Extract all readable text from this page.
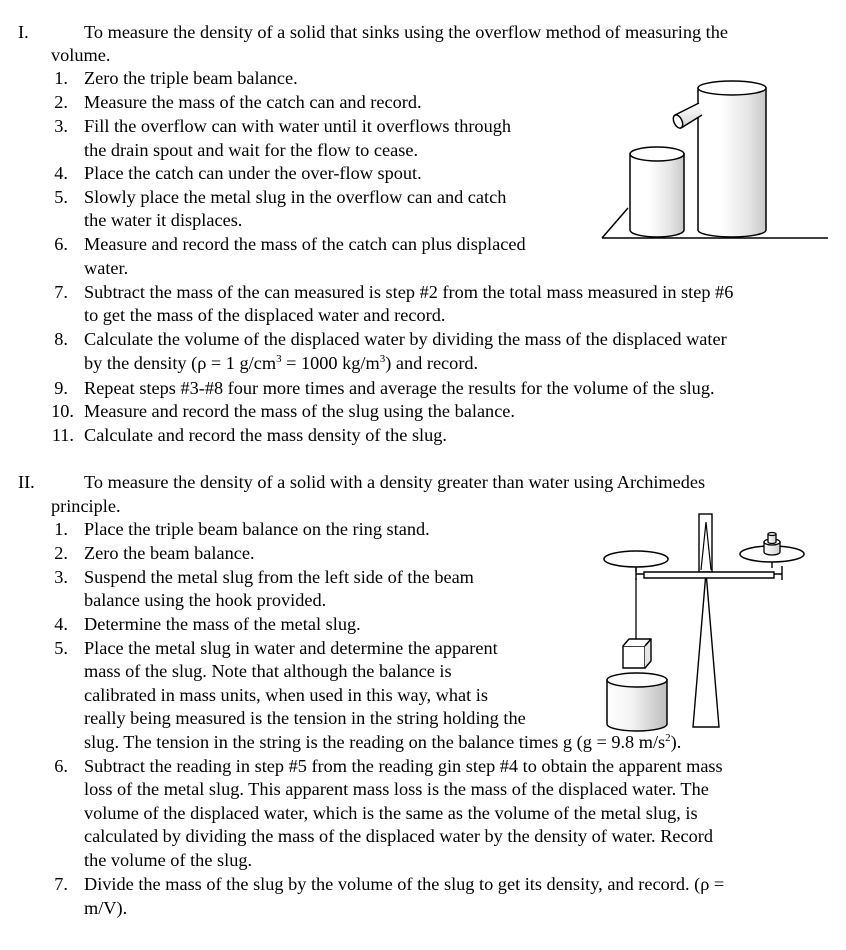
I.	To measure the density of a solid that sinks using the overflow method of measuring the
volume.
1. Zero the triple beam balance.
2. Measure the mass of the catch can and record.
3. Fill the overflow can with water until it overflows through
the drain spout and wait for the flow to cease.
4. Place the catch can under the over-flow spout.
5. Slowly place the metal slug in the overflow can and catch
the water it displaces.
6. Measure and record the mass of the catch can plus displaced
water.
7. Subtract the mass of the can measured is step #2 from the total mass measured in step #6
to get the mass of the displaced water and record.
8. Calculate the volume of the displaced water by dividing the mass of the displaced water
by the density (ρ = 1 $g/cm^3 = 1000$ $kg/m^3$) and record.
9. Repeat steps #3-#8 four more times and average the results for the volume of the slug.
10. Measure and record the mass of the slug using the balance.
11. Calculate and record the mass density of the slug.
II.	To measure the density of a solid with a density greater than water using Archimedes
principle.
1. Place the triple beam balance on the ring stand.
2. Zero the beam balance.
3. Suspend the metal slug from the left side of the beam
balance using the hook provided.
4. Determine the mass of the metal slug.
5. Place the metal slug in water and determine the apparent
mass of the slug. Note that although the balance is
calibrated in mass units, when used in this way, what is
really being measured is the tension in the string holding the
slug. The tension in the string is the reading on the balance times g (g = 9.8 $m/s^2$).
6. Subtract the reading in step #5 from the reading gin step #4 to obtain the apparent mass
loss of the metal slug. This apparent mass loss is the mass of the displaced water. The
volume of the displaced water, which is the same as the volume of the metal slug, is
calculated by dividing the mass of the displaced water by the density of water. Record
the volume of the slug.
7. Divide the mass of the slug by the volume of the slug to get its density, and record. (ρ =
m/V).
